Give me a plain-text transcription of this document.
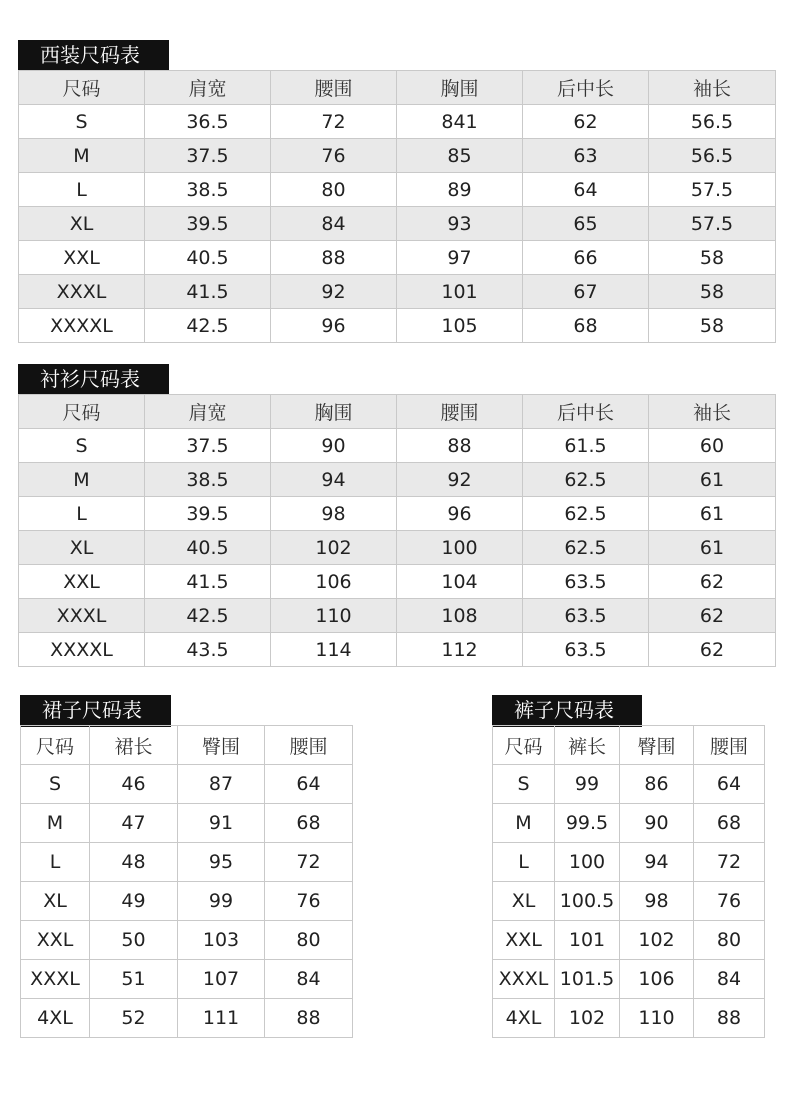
西装尺码表
尺码	肩宽	腰围	胸围	后中长	袖长
S	36.5	72	841	62	56.5
M	37.5	76	85	63	56.5
L	38.5	80	89	64	57.5
XL	39.5	84	93	65	57.5
XXL	40.5	88	97	66	58
XXXL	41.5	92	101	67	58
XXXXL	42.5	96	105	68	58
衬衫尺码表
尺码	肩宽	胸围	腰围	后中长	袖长
S	37.5	90	88	61.5	60
M	38.5	94	92	62.5	61
L	39.5	98	96	62.5	61
XL	40.5	102	100	62.5	61
XXL	41.5	106	104	63.5	62
XXXL	42.5	110	108	63.5	62
XXXXL	43.5	114	112	63.5	62
裙子尺码表
尺码	裙长	臀围	腰围
S	46	87	64
M	47	91	68
L	48	95	72
XL	49	99	76
XXL	50	103	80
XXXL	51	107	84
4XL	52	111	88
裤子尺码表
尺码	裤长	臀围	腰围
S	99	86	64
M	99.5	90	68
L	100	94	72
XL	100.5	98	76
XXL	101	102	80
XXXL	101.5	106	84
4XL	102	110	88
